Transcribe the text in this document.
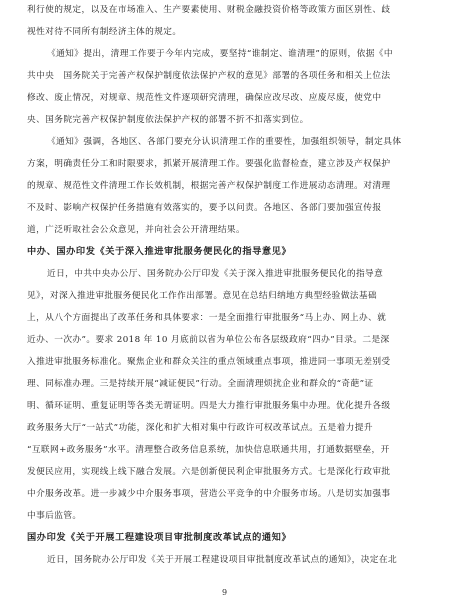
利行使的规定，以及在市场准入、生产要素使用、财税金融投资价格等政策方面区别性、歧
视性对待不同所有制经济主体的规定。
《通知》提出，清理工作要于今年内完成，要坚持“谁制定、谁清理”的原则，依据《中
共中央　国务院关于完善产权保护制度依法保护产权的意见》部署的各项任务和相关上位法
修改、废止情况，对规章、规范性文件逐项研究清理，确保应改尽改、应废尽废，使党中
央、国务院完善产权保护制度依法保护产权的部署不折不扣落实到位。
《通知》强调，各地区、各部门要充分认识清理工作的重要性，加强组织领导，制定具体
方案，明确责任分工和时限要求，抓紧开展清理工作。要强化监督检查，建立涉及产权保护
的规章、规范性文件清理工作长效机制，根据完善产权保护制度工作进展动态清理。对清理
不及时、影响产权保护任务措施有效落实的，要予以问责。各地区、各部门要加强宣传报
道，广泛听取社会公众意见，并向社会公开清理结果。
中办、国办印发《关于深入推进审批服务便民化的指导意见》
近日，中共中央办公厅、国务院办公厅印发《关于深入推进审批服务便民化的指导意
见》，对深入推进审批服务便民化工作作出部署。意见在总结归纳地方典型经验做法基础
上，从八个方面提出了改革任务和具体要求：一是全面推行审批服务“马上办、网上办、就
近办、一次办”。要求 2018 年 10 月底前以省为单位公布各层级政府“四办”目录。二是深
入推进审批服务标准化。聚焦企业和群众关注的重点领域重点事项，推进同一事项无差别受
理、同标准办理。三是持续开展“减证便民”行动。全面清理烦扰企业和群众的“奇葩”证
明、循环证明、重复证明等各类无谓证明。四是大力推行审批服务集中办理。优化提升各级
政务服务大厅“一站式”功能，深化和扩大相对集中行政许可权改革试点。五是着力提升
“互联网+政务服务”水平。清理整合政务信息系统，加快信息联通共用，打通数据壁垒，开
发便民应用，实现线上线下融合发展。六是创新便民利企审批服务方式。七是深化行政审批
中介服务改革。进一步减少中介服务事项，营造公平竞争的中介服务市场。八是切实加强事
中事后监管。
国办印发《关于开展工程建设项目审批制度改革试点的通知》
近日，国务院办公厅印发《关于开展工程建设项目审批制度改革试点的通知》，决定在北
9
